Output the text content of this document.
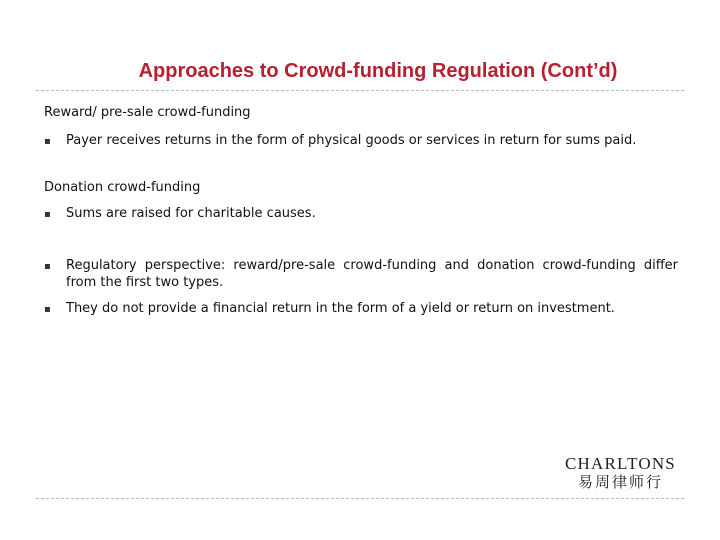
Approaches to Crowd-funding Regulation (Cont’d)
Reward/ pre-sale crowd-funding
▪ Payer receives returns in the form of physical goods or services in return for sums paid.
Donation crowd-funding
▪ Sums are raised for charitable causes.
▪ Regulatory perspective: reward/pre-sale crowd-funding and donation crowd-funding differ from the first two types.
▪ They do not provide a financial return in the form of a yield or return on investment.
CHARLTONS
易周律师行
